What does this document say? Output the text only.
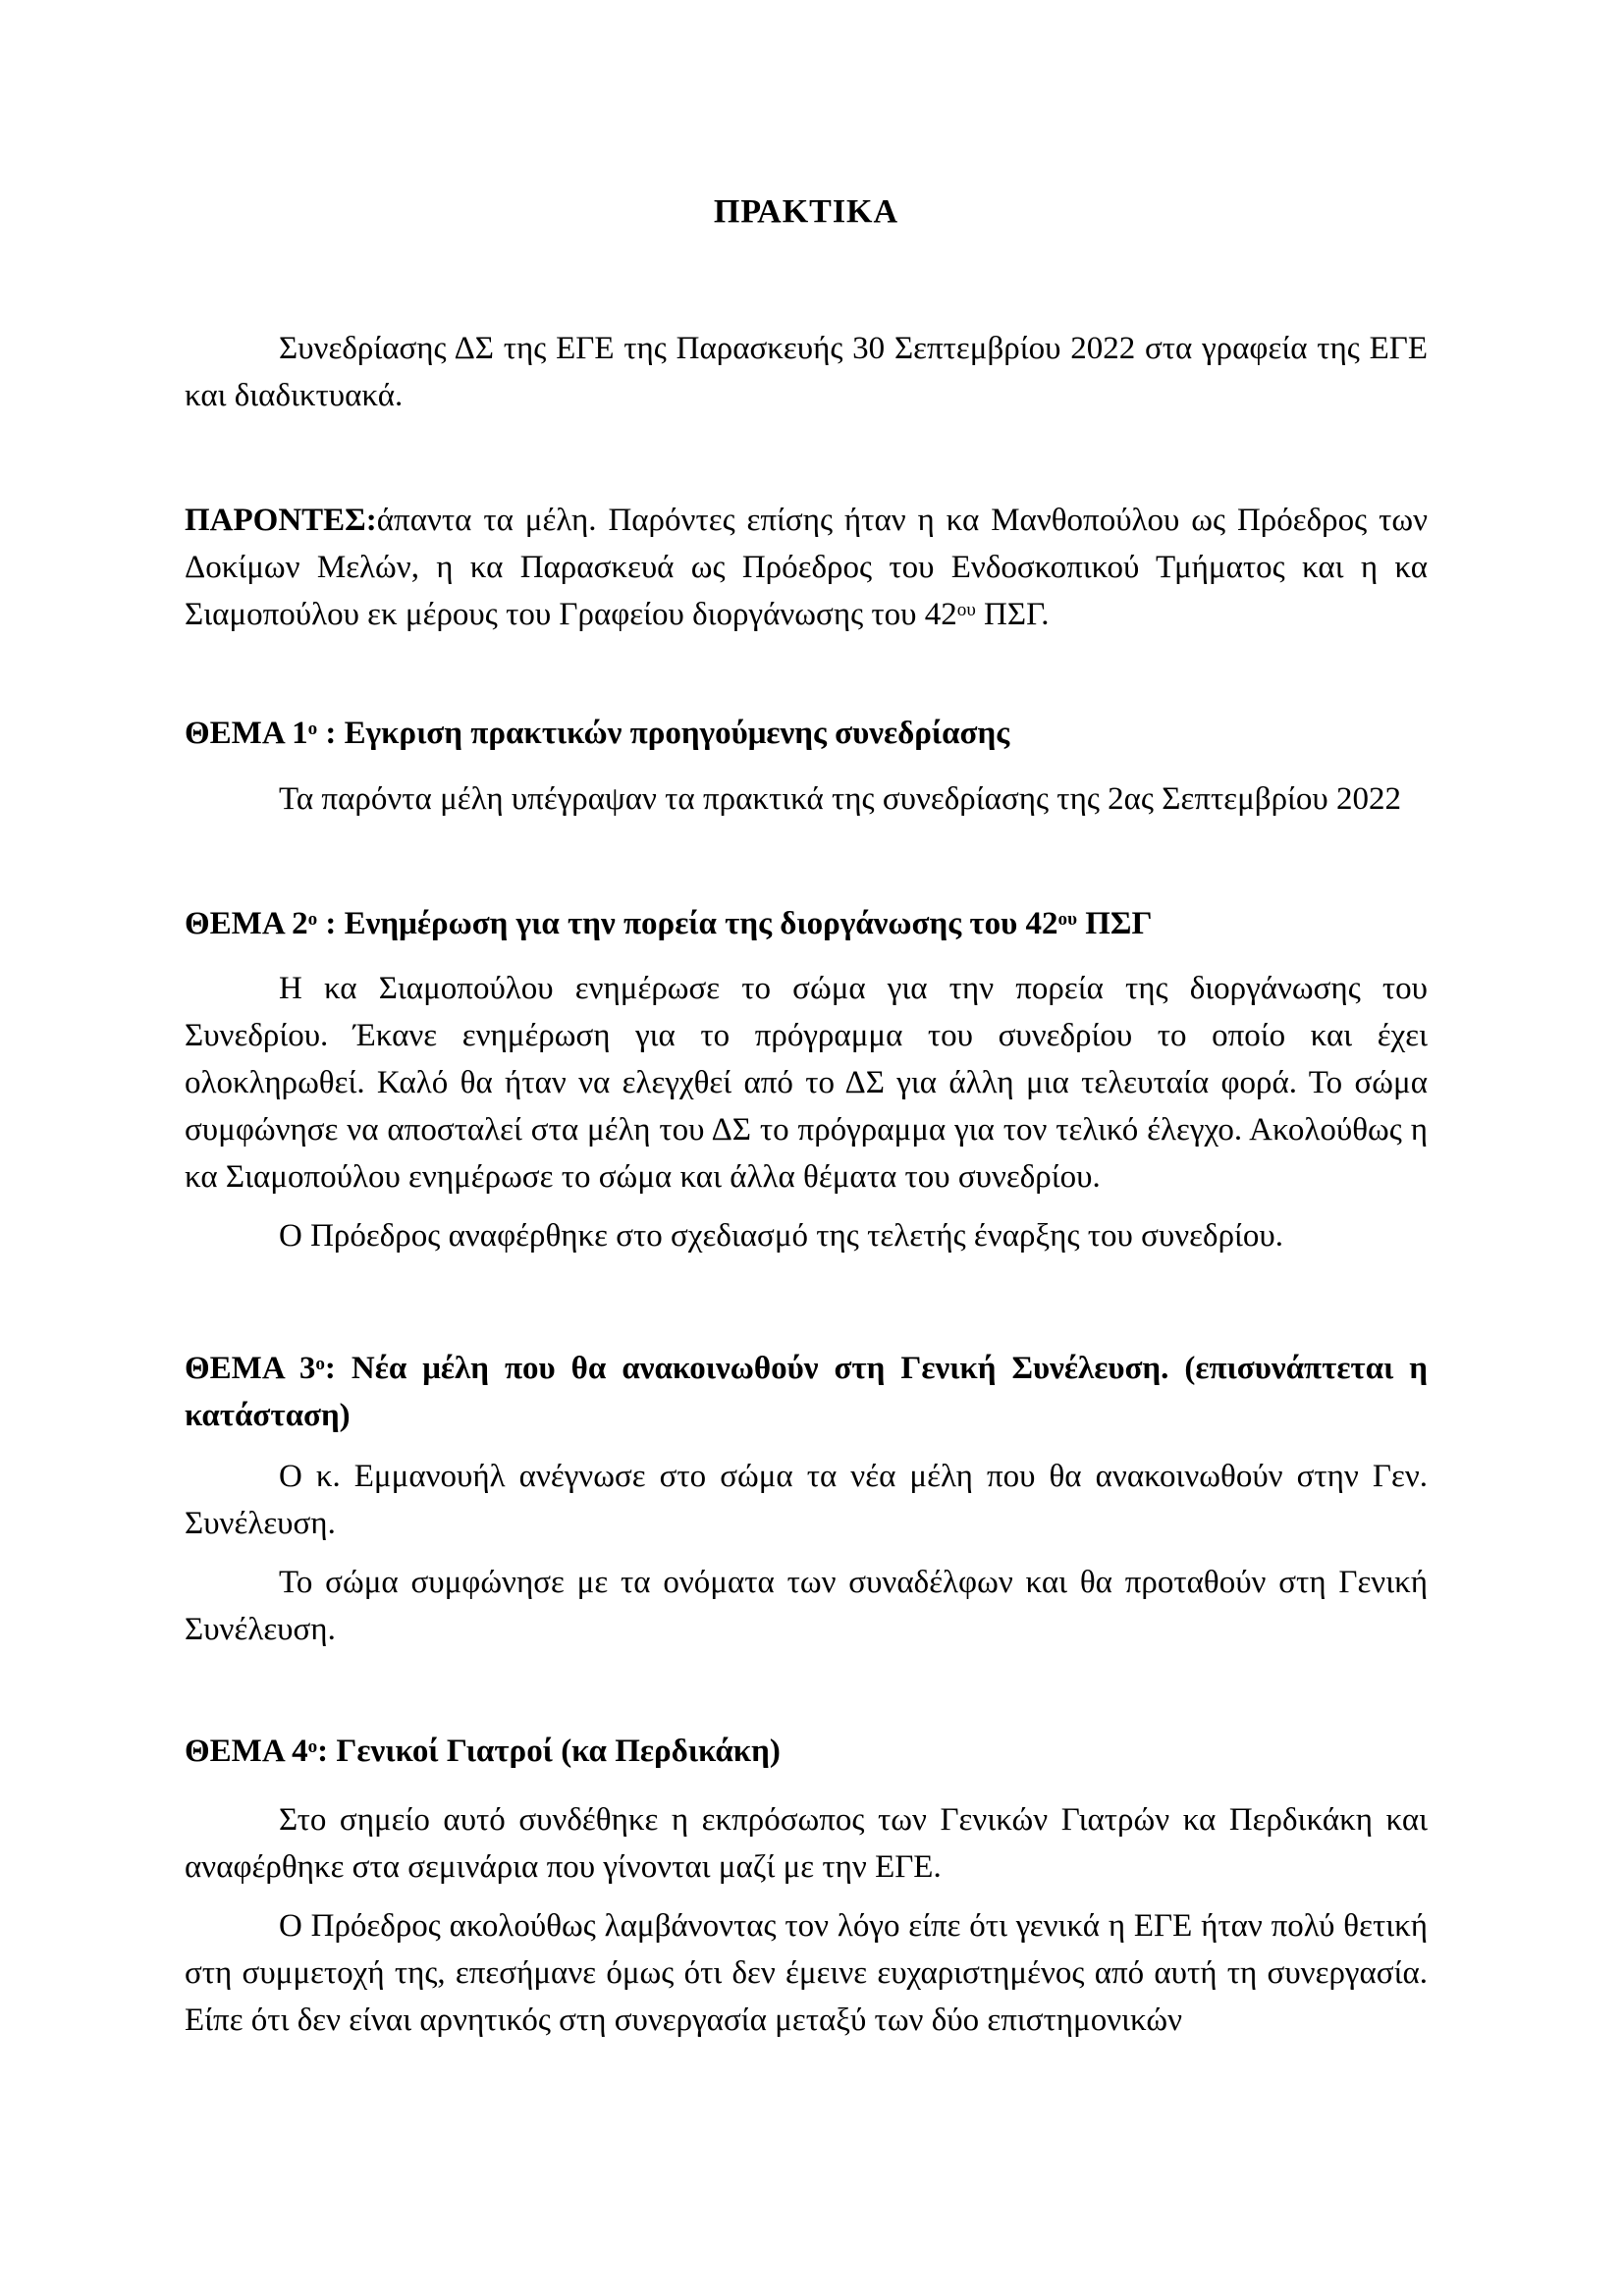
ΠΡΑΚΤΙΚΑ

Συνεδρίασης ΔΣ της ΕΓΕ της Παρασκευής 30 Σεπτεμβρίου 2022 στα γραφεία της ΕΓΕ και διαδικτυακά.

ΠΑΡΟΝΤΕΣ:άπαντα τα μέλη. Παρόντες επίσης ήταν η κα Μανθοπούλου ως Πρόεδρος των Δοκίμων Μελών, η κα Παρασκευά ως Πρόεδρος του Ενδοσκοπικού Τμήματος και η κα Σιαμοπούλου εκ μέρους του Γραφείου διοργάνωσης του $42^{o\upsilon}$ ΠΣΓ.

ΘΕΜΑ $1^o$ : Εγκριση πρακτικών προηγούμενης συνεδρίασης

Τα παρόντα μέλη υπέγραψαν τα πρακτικά της συνεδρίασης της 2ας Σεπτεμβρίου 2022

ΘΕΜΑ $2^o$ : Ενημέρωση για την πορεία της διοργάνωσης του $42^{o\upsilon}$ ΠΣΓ

Η κα Σιαμοπούλου ενημέρωσε το σώμα για την πορεία της διοργάνωσης του Συνεδρίου. Έκανε ενημέρωση για το πρόγραμμα του συνεδρίου το οποίο και έχει ολοκληρωθεί. Καλό θα ήταν να ελεγχθεί από το ΔΣ για άλλη μια τελευταία φορά. Το σώμα συμφώνησε να αποσταλεί στα μέλη του ΔΣ το πρόγραμμα για τον τελικό έλεγχο. Ακολούθως η κα Σιαμοπούλου ενημέρωσε το σώμα και άλλα θέματα του συνεδρίου.

Ο Πρόεδρος αναφέρθηκε στο σχεδιασμό της τελετής έναρξης του συνεδρίου.

ΘΕΜΑ $3^o$: Νέα μέλη που θα ανακοινωθούν στη Γενική Συνέλευση. (επισυνάπτεται η κατάσταση)

Ο κ. Εμμανουήλ ανέγνωσε στο σώμα τα νέα μέλη που θα ανακοινωθούν στην Γεν. Συνέλευση.

Το σώμα συμφώνησε με τα ονόματα των συναδέλφων και θα προταθούν στη Γενική Συνέλευση.

ΘΕΜΑ $4^o$: Γενικοί Γιατροί (κα Περδικάκη)

Στο σημείο αυτό συνδέθηκε η εκπρόσωπος των Γενικών Γιατρών κα Περδικάκη και αναφέρθηκε στα σεμινάρια που γίνονται μαζί με την ΕΓΕ.

Ο Πρόεδρος ακολούθως λαμβάνοντας τον λόγο είπε ότι γενικά η ΕΓΕ ήταν πολύ θετική στη συμμετοχή της, επεσήμανε όμως ότι δεν έμεινε ευχαριστημένος από αυτή τη συνεργασία. Είπε ότι δεν είναι αρνητικός στη συνεργασία μεταξύ των δύο επιστημονικών
